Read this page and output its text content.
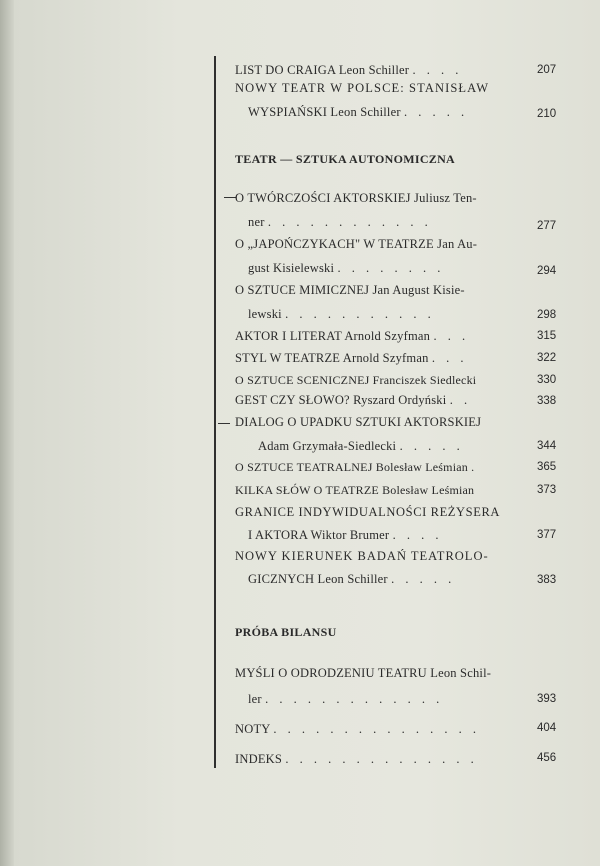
LIST DO CRAIGA Leon Schiller . . . .	207
NOWY TEATR W POLSCE: STANISŁAW
WYSPIAŃSKI Leon Schiller . . . . .	210
TEATR — SZTUKA AUTONOMICZNA
O TWÓRCZOŚCI AKTORSKIEJ Juliusz Ten-
ner . . . . . . . . . . . .	277
O „JAPOŃCZYKACH" W TEATRZE Jan Au-
gust Kisielewski . . . . . . . .	294
O SZTUCE MIMICZNEJ Jan August Kisie-
lewski . . . . . . . . . . .	298
AKTOR I LITERAT Arnold Szyfman . . .	315
STYL W TEATRZE Arnold Szyfman . . .	322
O SZTUCE SCENICZNEJ Franciszek Siedlecki	330
GEST CZY SŁOWO? Ryszard Ordyński . .	338
DIALOG O UPADKU SZTUKI AKTORSKIEJ
Adam Grzymała-Siedlecki . . . . .	344
O SZTUCE TEATRALNEJ Bolesław Leśmian .	365
KILKA SŁÓW O TEATRZE Bolesław Leśmian	373
GRANICE INDYWIDUALNOŚCI REŻYSERA
I AKTORA Wiktor Brumer . . . .	377
NOWY KIERUNEK BADAŃ TEATROLO-
GICZNYCH Leon Schiller . . . . .	383
PRÓBA BILANSU
MYŚLI O ODRODZENIU TEATRU Leon Schil-
ler . . . . . . . . . . . . .	393
NOTY . . . . . . . . . . . . . . .	404
INDEKS . . . . . . . . . . . . . .	456
